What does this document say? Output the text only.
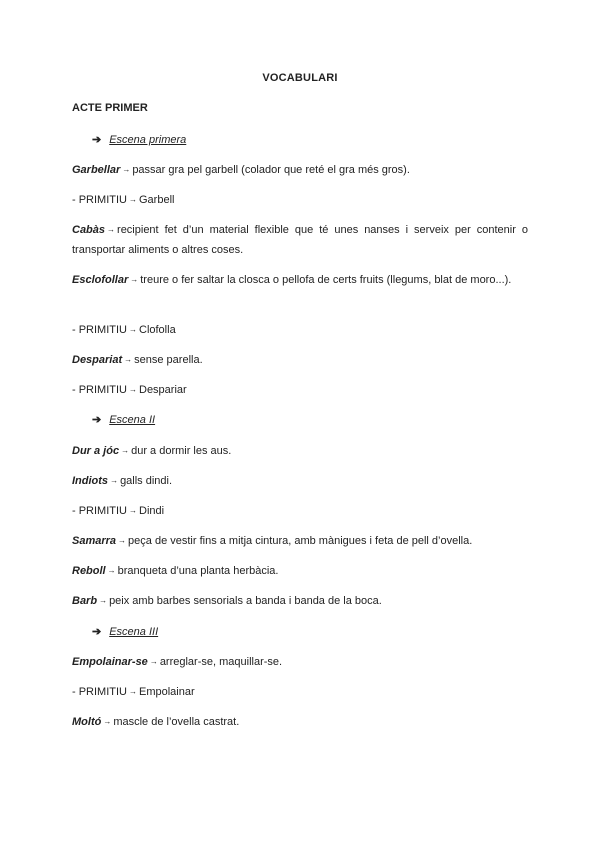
VOCABULARI
ACTE PRIMER
➔ Escena primera
Garbellar → passar gra pel garbell (colador que reté el gra més gros).
- PRIMITIU → Garbell
Cabàs → recipient fet d’un material flexible que té unes nanses i serveix per contenir o transportar aliments o altres coses.
Esclofollar → treure o fer saltar la closca o pellofa de certs fruits (llegums, blat de moro...).
- PRIMITIU → Clofolla
Despariat → sense parella.
- PRIMITIU → Despariar
➔ Escena II
Dur a jóc → dur a dormir les aus.
Indiots → galls dindi.
- PRIMITIU → Dindi
Samarra → peça de vestir fins a mitja cintura, amb mànigues i feta de pell d’ovella.
Reboll → branqueta d’una planta herbàcia.
Barb → peix amb barbes sensorials a banda i banda de la boca.
➔ Escena III
Empolainar-se → arreglar-se, maquillar-se.
- PRIMITIU → Empolainar
Moltó → mascle de l’ovella castrat.
